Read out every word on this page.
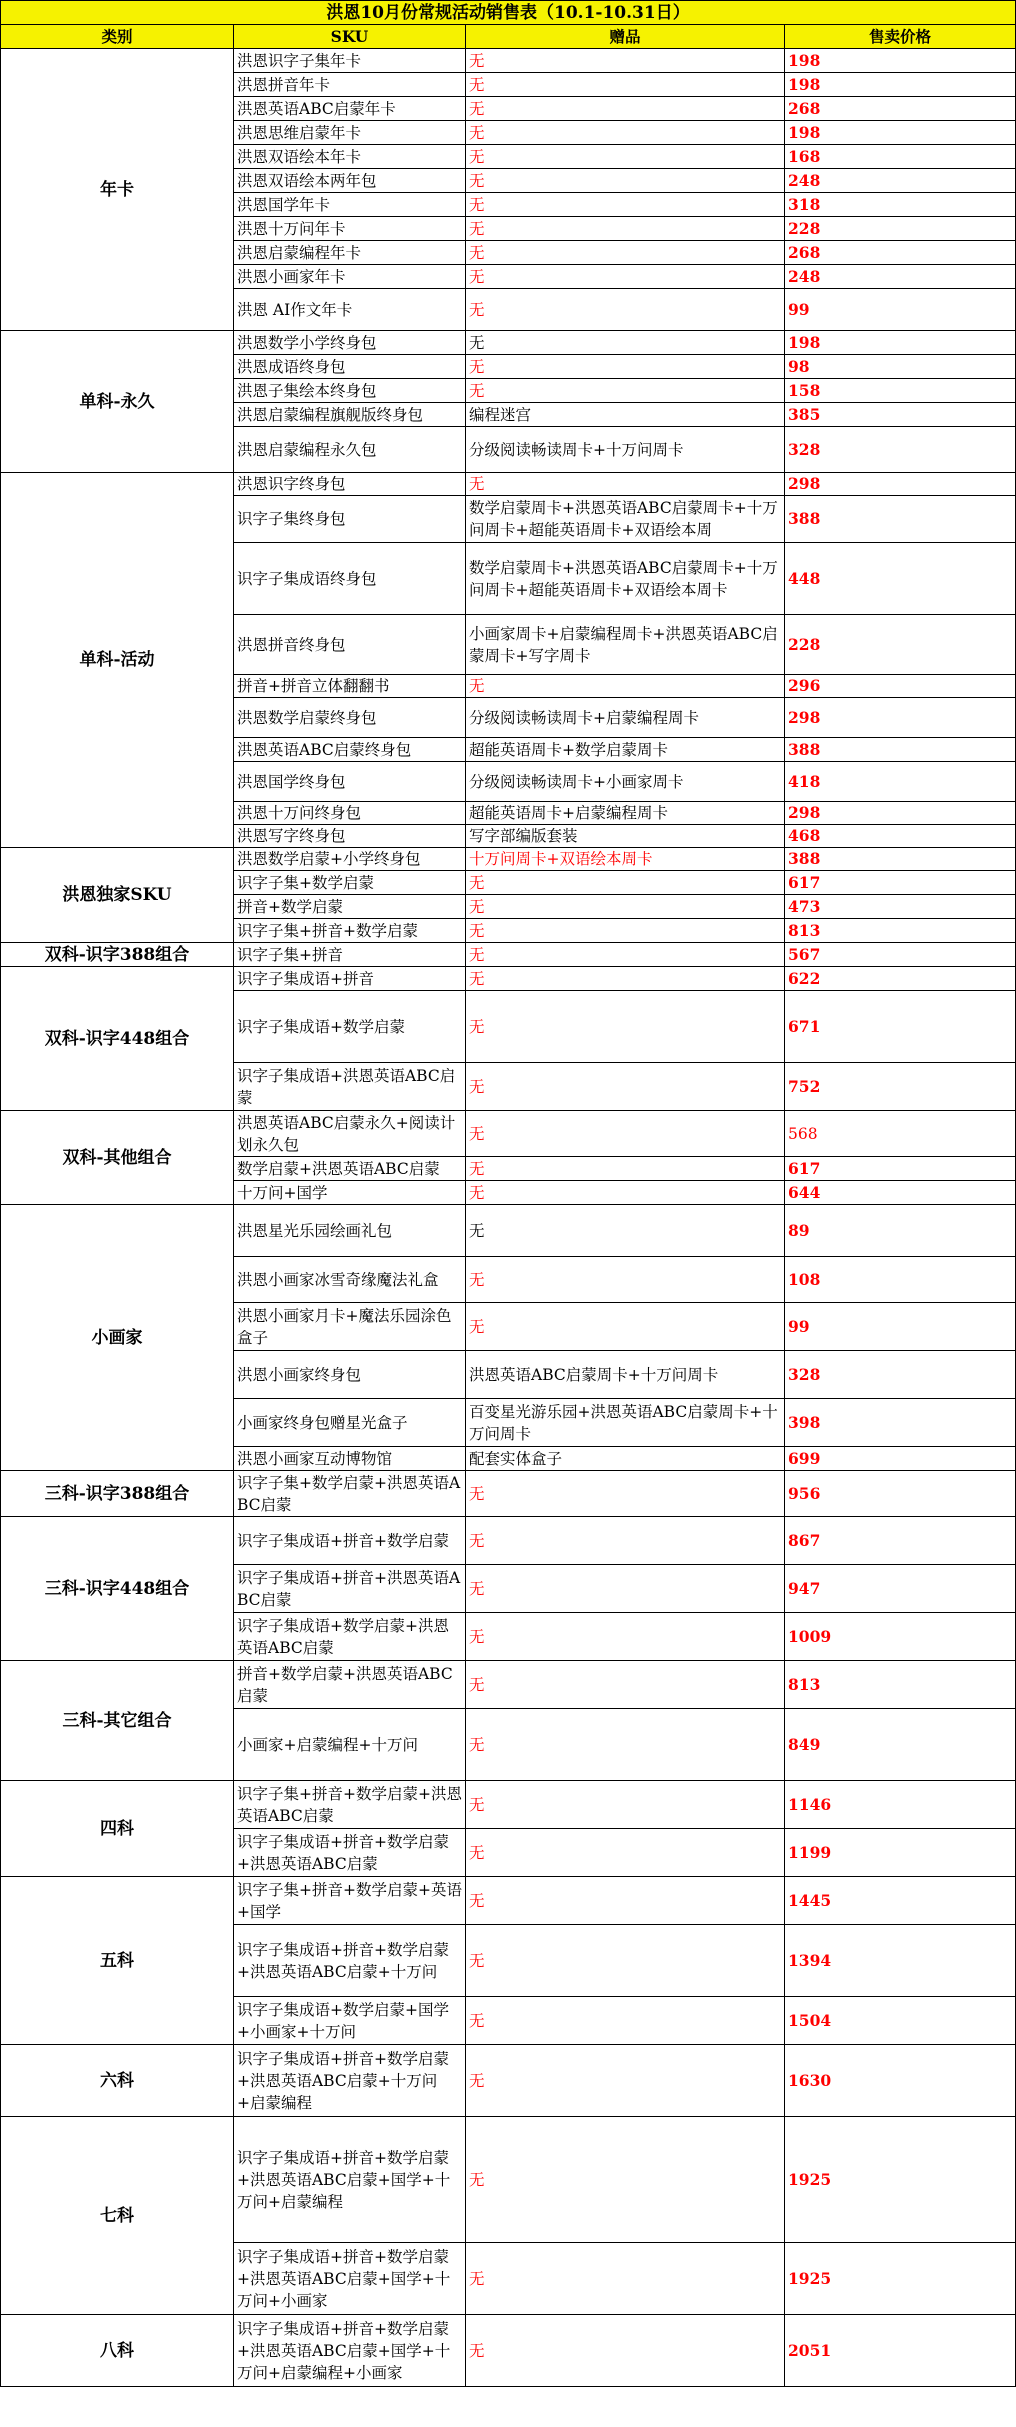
洪恩10月份常规活动销售表（10.1-10.31日）			
类别	SKU	赠品	售卖价格
年卡	洪恩识字子集年卡	无	198
	洪恩拼音年卡	无	198
	洪恩英语ABC启蒙年卡	无	268
	洪恩思维启蒙年卡	无	198
	洪恩双语绘本年卡	无	168
	洪恩双语绘本两年包	无	248
	洪恩国学年卡	无	318
	洪恩十万问年卡	无	228
	洪恩启蒙编程年卡	无	268
	洪恩小画家年卡	无	248
	洪恩 AI作文年卡	无	99
单科-永久	洪恩数学小学终身包	无	198
	洪恩成语终身包	无	98
	洪恩子集绘本终身包	无	158
	洪恩启蒙编程旗舰版终身包	编程迷宫	385
	洪恩启蒙编程永久包	分级阅读畅读周卡+十万问周卡	328
单科-活动	洪恩识字终身包	无	298
	识字子集终身包	数学启蒙周卡+洪恩英语ABC启蒙周卡+十万问周卡+超能英语周卡+双语绘本周	388
	识字子集成语终身包	数学启蒙周卡+洪恩英语ABC启蒙周卡+十万问周卡+超能英语周卡+双语绘本周卡	448
	洪恩拼音终身包	小画家周卡+启蒙编程周卡+洪恩英语ABC启蒙周卡+写字周卡	228
	拼音+拼音立体翻翻书	无	296
	洪恩数学启蒙终身包	分级阅读畅读周卡+启蒙编程周卡	298
	洪恩英语ABC启蒙终身包	超能英语周卡+数学启蒙周卡	388
	洪恩国学终身包	分级阅读畅读周卡+小画家周卡	418
	洪恩十万问终身包	超能英语周卡+启蒙编程周卡	298
	洪恩写字终身包	写字部编版套装	468
洪恩独家SKU	洪恩数学启蒙+小学终身包	十万问周卡+双语绘本周卡	388
	识字子集+数学启蒙	无	617
	拼音+数学启蒙	无	473
	识字子集+拼音+数学启蒙	无	813
双科-识字388组合	识字子集+拼音	无	567
双科-识字448组合	识字子集成语+拼音	无	622
	识字子集成语+数学启蒙	无	671
	识字子集成语+洪恩英语ABC启蒙	无	752
双科-其他组合	洪恩英语ABC启蒙永久+阅读计划永久包	无	568
	数学启蒙+洪恩英语ABC启蒙	无	617
	十万问+国学	无	644
小画家	洪恩星光乐园绘画礼包	无	89
	洪恩小画家冰雪奇缘魔法礼盒	无	108
	洪恩小画家月卡+魔法乐园涂色盒子	无	99
	洪恩小画家终身包	洪恩英语ABC启蒙周卡+十万问周卡	328
	小画家终身包赠星光盒子	百变星光游乐园+洪恩英语ABC启蒙周卡+十万问周卡	398
	洪恩小画家互动博物馆	配套实体盒子	699
三科-识字388组合	识字子集+数学启蒙+洪恩英语ABC启蒙	无	956
三科-识字448组合	识字子集成语+拼音+数学启蒙	无	867
	识字子集成语+拼音+洪恩英语ABC启蒙	无	947
	识字子集成语+数学启蒙+洪恩英语ABC启蒙	无	1009
三科-其它组合	拼音+数学启蒙+洪恩英语ABC启蒙	无	813
	小画家+启蒙编程+十万问	无	849
四科	识字子集+拼音+数学启蒙+洪恩英语ABC启蒙	无	1146
	识字子集成语+拼音+数学启蒙+洪恩英语ABC启蒙	无	1199
五科	识字子集+拼音+数学启蒙+英语+国学	无	1445
	识字子集成语+拼音+数学启蒙+洪恩英语ABC启蒙+十万问	无	1394
	识字子集成语+数学启蒙+国学+小画家+十万问	无	1504
六科	识字子集成语+拼音+数学启蒙+洪恩英语ABC启蒙+十万问+启蒙编程	无	1630
七科	识字子集成语+拼音+数学启蒙+洪恩英语ABC启蒙+国学+十万问+启蒙编程	无	1925
	识字子集成语+拼音+数学启蒙+洪恩英语ABC启蒙+国学+十万问+小画家	无	1925
八科	识字子集成语+拼音+数学启蒙+洪恩英语ABC启蒙+国学+十万问+启蒙编程+小画家	无	2051
